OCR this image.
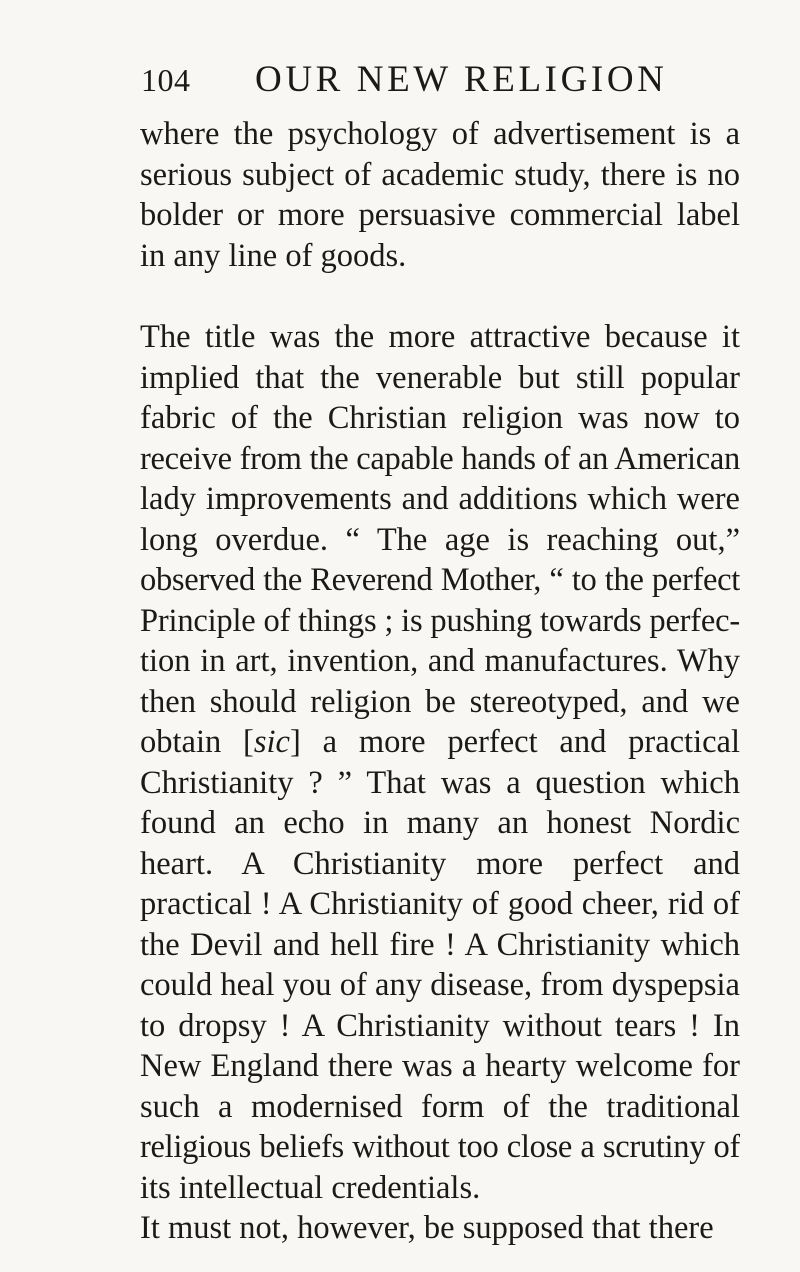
104 OUR NEW RELIGION
where the psychology of advertisement is a
serious subject of academic study, there is no
bolder or more persuasive commercial label
in any line of goods.
The title was the more attractive because it
implied that the venerable but still popular
fabric of the Christian religion was now to
receive from the capable hands of an American
lady improvements and additions which were
long overdue. “ The age is reaching out,”
observed the Reverend Mother, “ to the perfect
Principle of things ; is pushing towards perfec-
tion in art, invention, and manufactures. Why
then should religion be stereotyped, and we
obtain [sic] a more perfect and practical
Christianity ? ” That was a question which
found an echo in many an honest Nordic
heart. A Christianity more perfect and
practical ! A Christianity of good cheer, rid of
the Devil and hell fire ! A Christianity which
could heal you of any disease, from dyspepsia
to dropsy ! A Christianity without tears ! In
New England there was a hearty welcome for
such a modernised form of the traditional
religious beliefs without too close a scrutiny of
its intellectual credentials.
It must not, however, be supposed that there
